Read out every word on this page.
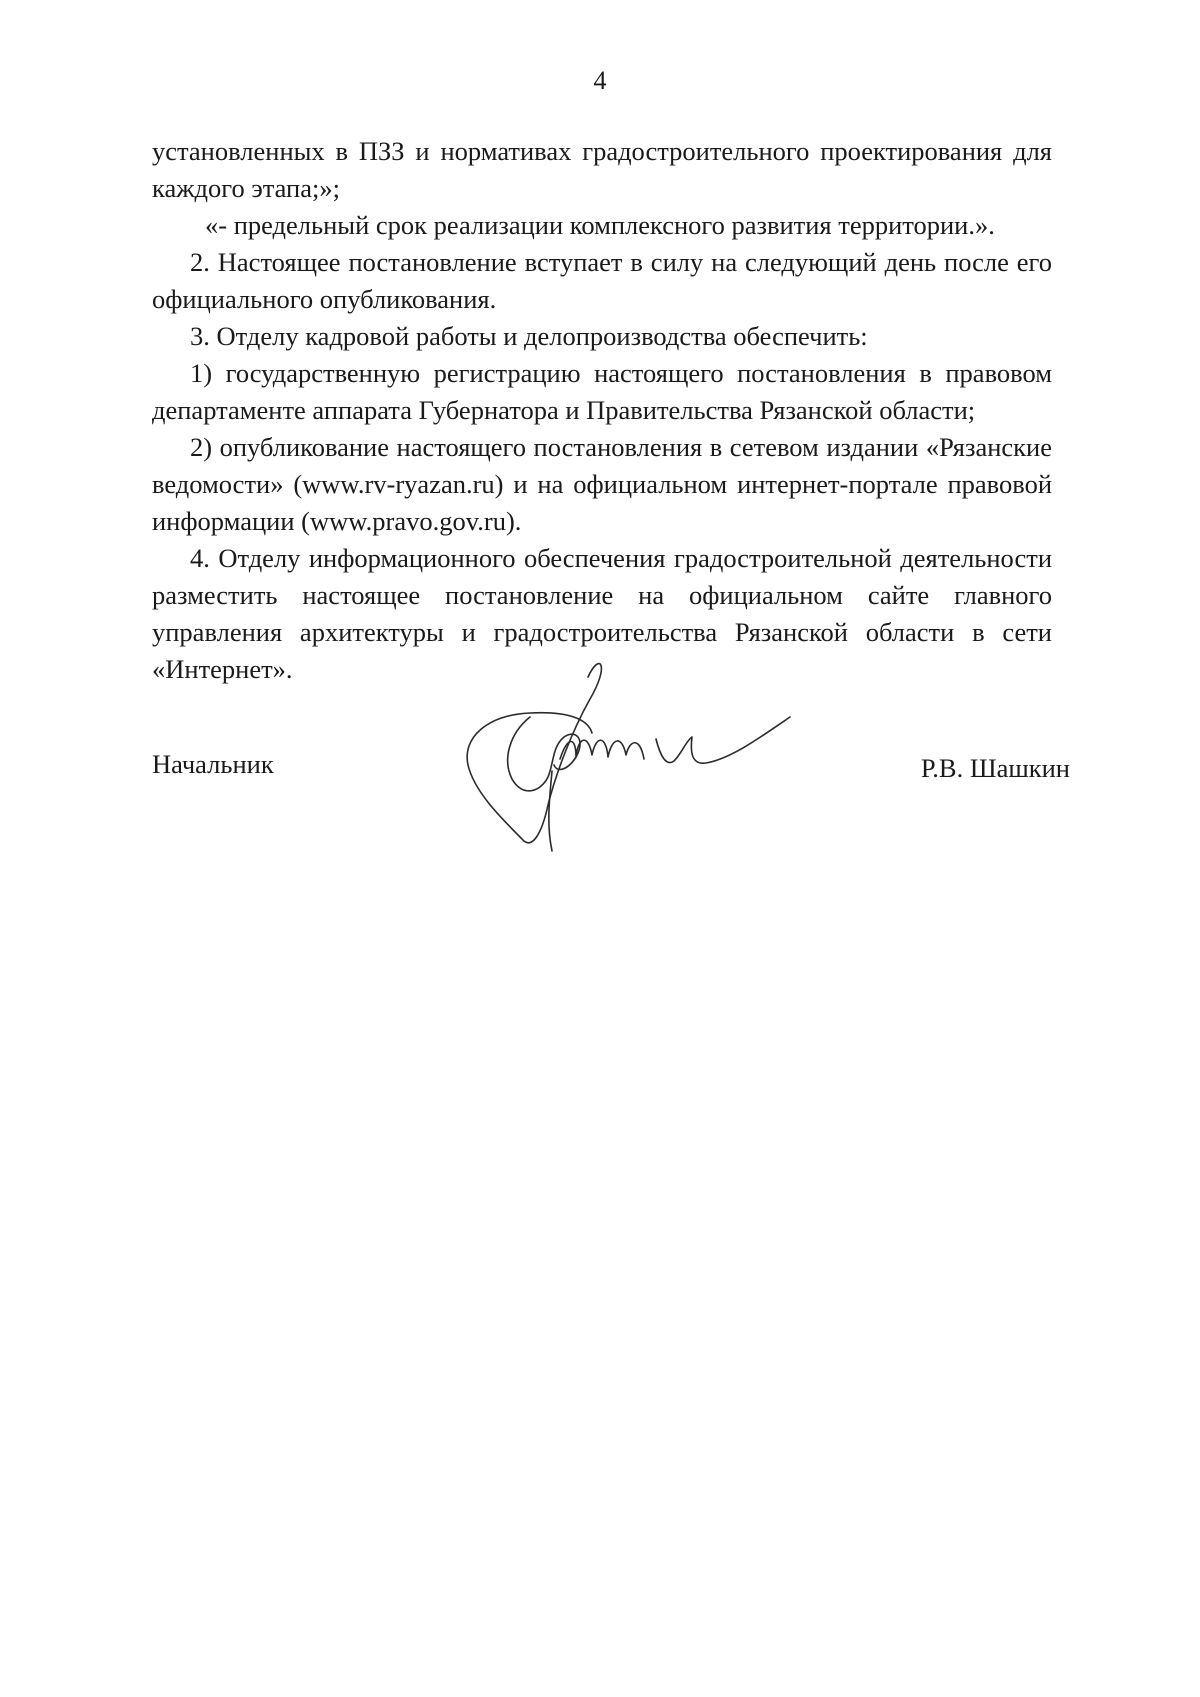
4

установленных в ПЗЗ и нормативах градостроительного проектирования для каждого этапа;»;

«- предельный срок реализации комплексного развития территории.».

2. Настоящее постановление вступает в силу на следующий день после его официального опубликования.

3. Отделу кадровой работы и делопроизводства обеспечить:

1) государственную регистрацию настоящего постановления в правовом департаменте аппарата Губернатора и Правительства Рязанской области;

2) опубликование настоящего постановления в сетевом издании «Рязанские ведомости» (www.rv-ryazan.ru) и на официальном интернет-портале правовой информации (www.pravo.gov.ru).

4. Отделу информационного обеспечения градостроительной деятельности разместить настоящее постановление на официальном сайте главного управления архитектуры и градостроительства Рязанской области в сети «Интернет».

Начальник	Р.В. Шашкин
